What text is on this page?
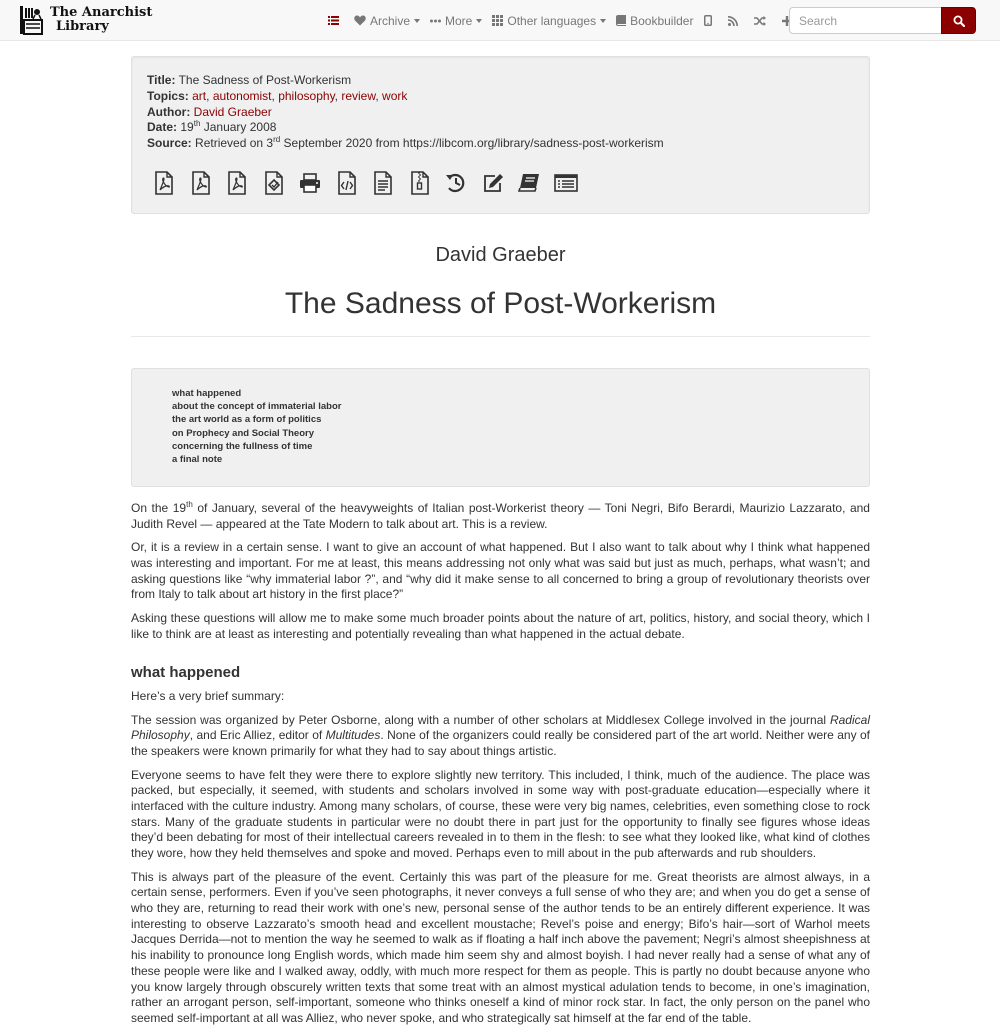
The Anarchist
Library	Archive	More	Other languages	Bookbuilder
Search
Title: The Sadness of Post-Workerism
Topics: art, autonomist, philosophy, review, work
Author: David Graeber
Date: 19th January 2008
Source: Retrieved on 3rd September 2020 from https://libcom.org/library/sadness-post-workerism
David Graeber
The Sadness of Post-Workerism
what happened
about the concept of immaterial labor
the art world as a form of politics
on Prophecy and Social Theory
concerning the fullness of time
a final note

On the 19th of January, several of the heavyweights of Italian post-Workerist theory — Toni Negri, Bifo Berardi, Maurizio Lazzarato, and Judith Revel — appeared at the Tate Modern to talk about art. This is a review.

Or, it is a review in a certain sense. I want to give an account of what happened. But I also want to talk about why I think what happened was interesting and important. For me at least, this means addressing not only what was said but just as much, perhaps, what wasn’t; and asking questions like “why immaterial labor ?”, and “why did it make sense to all concerned to bring a group of revolutionary theorists over from Italy to talk about art history in the first place?”

Asking these questions will allow me to make some much broader points about the nature of art, politics, history, and social theory, which I like to think are at least as interesting and potentially revealing than what happened in the actual debate.

what happened

Here’s a very brief summary:

The session was organized by Peter Osborne, along with a number of other scholars at Middlesex College involved in the journal Radical Philosophy, and Eric Alliez, editor of Multitudes. None of the organizers could really be considered part of the art world. Neither were any of the speakers were known primarily for what they had to say about things artistic.

Everyone seems to have felt they were there to explore slightly new territory. This included, I think, much of the audience. The place was packed, but especially, it seemed, with students and scholars involved in some way with post-graduate education—especially where it interfaced with the culture industry. Among many scholars, of course, these were very big names, celebrities, even something close to rock stars. Many of the graduate students in particular were no doubt there in part just for the opportunity to finally see figures whose ideas they’d been debating for most of their intellectual careers revealed in to them in the flesh: to see what they looked like, what kind of clothes they wore, how they held themselves and spoke and moved. Perhaps even to mill about in the pub afterwards and rub shoulders.

This is always part of the pleasure of the event. Certainly this was part of the pleasure for me. Great theorists are almost always, in a certain sense, performers. Even if you’ve seen photographs, it never conveys a full sense of who they are; and when you do get a sense of who they are, returning to read their work with one’s new, personal sense of the author tends to be an entirely different experience. It was interesting to observe Lazzarato’s smooth head and excellent moustache; Revel’s poise and energy; Bifo’s hair—sort of Warhol meets Jacques Derrida—not to mention the way he seemed to walk as if floating a half inch above the pavement; Negri’s almost sheepishness at his inability to pronounce long English words, which made him seem shy and almost boyish. I had never really had a sense of what any of these people were like and I walked away, oddly, with much more respect for them as people. This is partly no doubt because anyone who you know largely through obscurely written texts that some treat with an almost mystical adulation tends to become, in one’s imagination, rather an arrogant person, self-important, someone who thinks oneself a kind of minor rock star. In fact, the only person on the panel who seemed self-important at all was Alliez, who never spoke, and who strategically sat himself at the far end of the table.
